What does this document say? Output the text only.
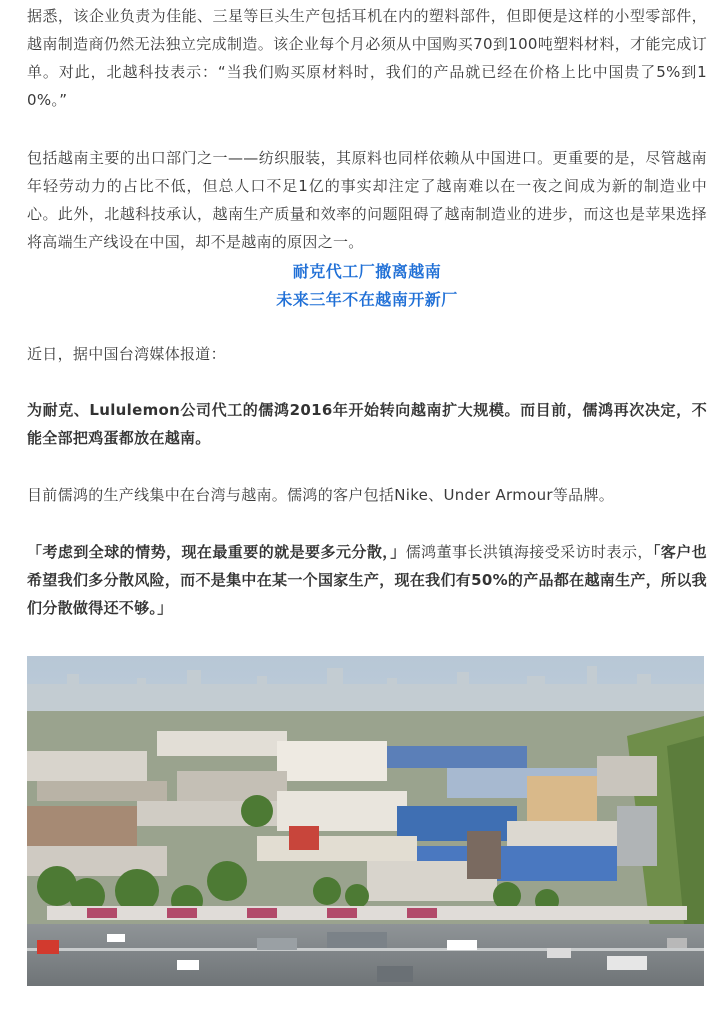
据悉，该企业负责为佳能、三星等巨头生产包括耳机在内的塑料部件，但即便是这样的小型零部件，越南制造商仍然无法独立完成制造。该企业每个月必须从中国购买70到100吨塑料材料，才能完成订单。对此，北越科技表示：“当我们购买原材料时，我们的产品就已经在价格上比中国贵了5%到10%。”

包括越南主要的出口部门之一——纺织服装，其原料也同样依赖从中国进口。更重要的是，尽管越南年轻劳动力的占比不低，但总人口不足1亿的事实却注定了越南难以在一夜之间成为新的制造业中心。此外，北越科技承认，越南生产质量和效率的问题阻碍了越南制造业的进步，而这也是苹果选择将高端生产线设在中国，却不是越南的原因之一。

耐克代工厂撤离越南
未来三年不在越南开新厂

近日，据中国台湾媒体报道：

为耐克、Lululemon公司代工的儒鸿2016年开始转向越南扩大规模。而目前，儒鸿再次决定，不能全部把鸡蛋都放在越南。

目前儒鸿的生产线集中在台湾与越南。儒鸿的客户包括Nike、Under Armour等品牌。

「考虑到全球的情势，现在最重要的就是要多元分散，」儒鸿董事长洪镇海接受采访时表示，「客户也希望我们多分散风险，而不是集中在某一个国家生产，现在我们有50%的产品都在越南生产，所以我们分散做得还不够。」
